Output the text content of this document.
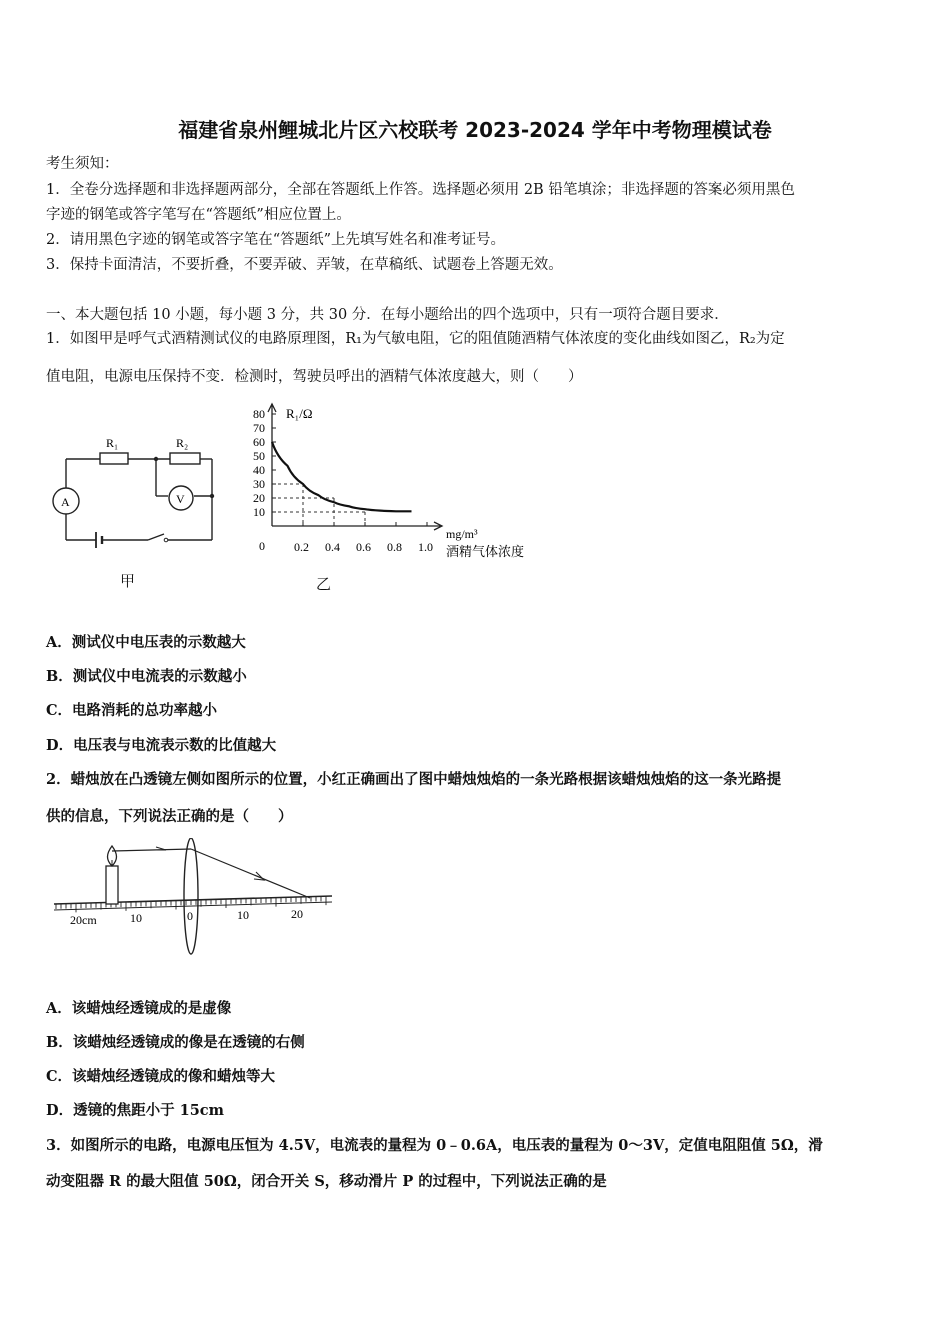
福建省泉州鲤城北片区六校联考 2023-2024 学年中考物理模试卷
考生须知：
1．全卷分选择题和非选择题两部分，全部在答题纸上作答。选择题必须用 2B 铅笔填涂；非选择题的答案必须用黑色
字迹的钢笔或答字笔写在“答题纸”相应位置上。
2．请用黑色字迹的钢笔或答字笔在“答题纸”上先填写姓名和准考证号。
3．保持卡面清洁，不要折叠，不要弄破、弄皱，在草稿纸、试题卷上答题无效。
一、本大题包括 10 小题，每小题 3 分，共 30 分．在每小题给出的四个选项中，只有一项符合题目要求．
1．如图甲是呼气式酒精测试仪的电路原理图，R₁为气敏电阻，它的阻值随酒精气体浓度的变化曲线如图乙，R₂为定
值电阻，电源电压保持不变．检测时，驾驶员呼出的酒精气体浓度越大，则（　　）
R₁	R₂
A	V
甲
10
20
30
40
50
60
70
80
0.2 0.4 0.6 0.8 1.0
R₁/Ω
mg/m³
酒精气体浓度
0
乙
A．测试仪中电压表的示数越大
B．测试仪中电流表的示数越小
C．电路消耗的总功率越小
D．电压表与电流表示数的比值越大
2．蜡烛放在凸透镜左侧如图所示的位置，小红正确画出了图中蜡烛烛焰的一条光路根据该蜡烛烛焰的这一条光路提
供的信息，下列说法正确的是（　　）
20cm	10	0	10	20
A．该蜡烛经透镜成的是虚像
B．该蜡烛经透镜成的像是在透镜的右侧
C．该蜡烛经透镜成的像和蜡烛等大
D．透镜的焦距小于 15cm
3．如图所示的电路，电源电压恒为 4.5V，电流表的量程为 0﹣0.6A，电压表的量程为 0～3V，定值电阻阻值 5Ω，滑
动变阻器 R 的最大阻值 50Ω，闭合开关 S，移动滑片 P 的过程中，下列说法正确的是
